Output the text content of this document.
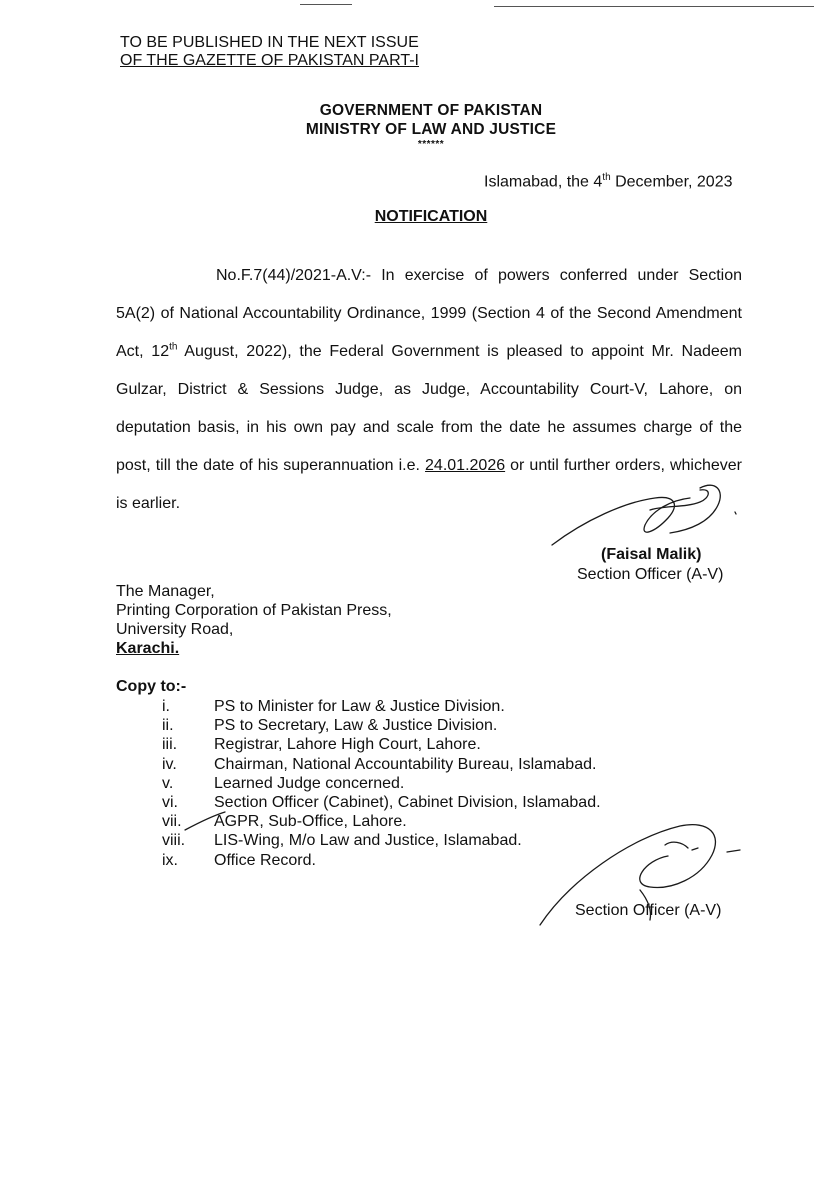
TO BE PUBLISHED IN THE NEXT ISSUE
OF THE GAZETTE OF PAKISTAN PART-I
GOVERNMENT OF PAKISTAN
MINISTRY OF LAW AND JUSTICE
******
Islamabad, the 4th December, 2023
NOTIFICATION
No.F.7(44)/2021-A.V:- In exercise of powers conferred under Section 5A(2) of National Accountability Ordinance, 1999 (Section 4 of the Second Amendment Act, 12th August, 2022), the Federal Government is pleased to appoint Mr. Nadeem Gulzar, District & Sessions Judge, as Judge, Accountability Court-V, Lahore, on deputation basis, in his own pay and scale from the date he assumes charge of the post, till the date of his superannuation i.e. 24.01.2026 or until further orders, whichever is earlier.
(Faisal Malik)
Section Officer (A-V)
The Manager,
Printing Corporation of Pakistan Press,
University Road,
Karachi.
Copy to:-
i.	PS to Minister for Law & Justice Division.
ii.	PS to Secretary, Law & Justice Division.
iii.	Registrar, Lahore High Court, Lahore.
iv.	Chairman, National Accountability Bureau, Islamabad.
v.	Learned Judge concerned.
vi.	Section Officer (Cabinet), Cabinet Division, Islamabad.
vii.	AGPR, Sub-Office, Lahore.
viii.	LIS-Wing, M/o Law and Justice, Islamabad.
ix.	Office Record.
Section Officer (A-V)
